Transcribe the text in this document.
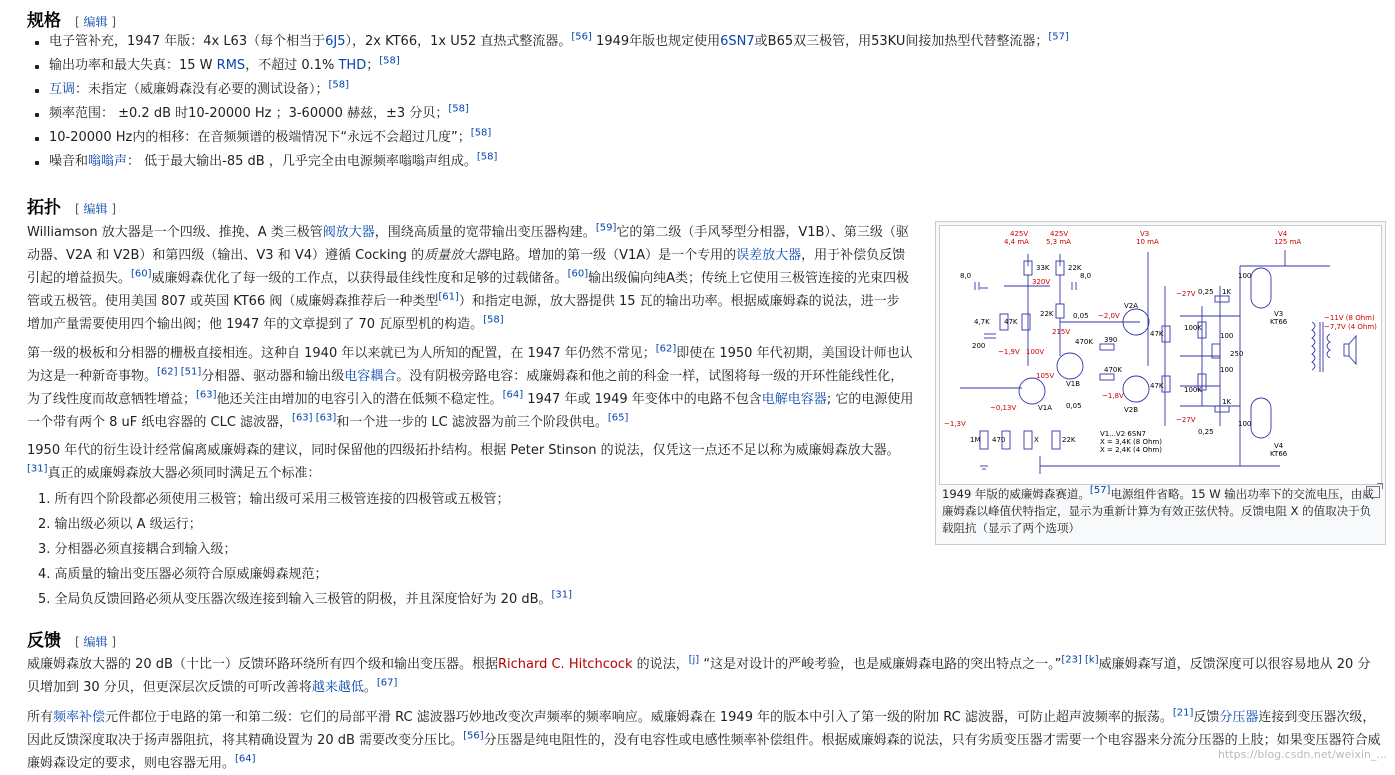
规格 [ 编辑 ]
电子管补充，1947 年版：4x L63（每个相当于6J5），2x KT66，1x U52 直热式整流器。[56] 1949年版也规定使用6SN7或B65双三极管，用53KU间接加热型代替整流器；[57]
输出功率和最大失真：15 W RMS，不超过 0.1% THD；[58]
互调：未指定（威廉姆森没有必要的测试设备）；[58]
频率范围： ±0.2 dB 时10-20000 Hz ；3-60000 赫兹，±3 分贝；[58]
10-20000 Hz内的相移：在音频频谱的极端情况下“永远不会超过几度”；[58]
噪音和嗡嗡声： 低于最大输出-85 dB ，几乎完全由电源频率嗡嗡声组成。[58]
拓扑 [ 编辑 ]
Williamson 放大器是一个四级、推挽、A 类三极管阀放大器，围绕高质量的宽带输出变压器构建。[59]它的第二级（手风琴型分相器，V1B）、第三级（驱动器、V2A 和 V2B）和第四级（输出、V3 和 V4）遵循 Cocking 的质量放大器电路。增加的第一级（V1A）是一个专用的误差放大器，用于补偿负反馈引起的增益损失。[60]威廉姆森优化了每一级的工作点，以获得最佳线性度和足够的过载储备。[60]输出级偏向纯A类；传统上它使用三极管连接的光束四极管或五极管。使用美国 807 或英国 KT66 阀（威廉姆森推荐后一种类型[61]）和指定电源，放大器提供 15 瓦的输出功率。根据威廉姆森的说法，进一步增加产量需要使用四个输出阀；他 1947 年的文章提到了 70 瓦原型机的构造。[58]
第一级的极板和分相器的栅极直接相连。这种自 1940 年以来就已为人所知的配置，在 1947 年仍然不常见；[62]即使在 1950 年代初期，美国设计师也认为这是一种新奇事物。[62] [51]分相器、驱动器和输出级电容耦合。没有阴极旁路电容：威廉姆森和他之前的科金一样，试图将每一级的开环性能线性化，为了线性度而故意牺牲增益；[63]他还关注由增加的电容引入的潜在低频不稳定性。[64] 1947 年或 1949 年变体中的电路不包含电解电容器; 它的电源使用一个带有两个 8 uF 纸电容器的 CLC 滤波器，[63] [63]和一个进一步的 LC 滤波器为前三个阶段供电。[65]
1950 年代的衍生设计经常偏离威廉姆森的建议，同时保留他的四级拓扑结构。根据 Peter Stinson 的说法，仅凭这一点还不足以称为威廉姆森放大器。[31]真正的威廉姆森放大器必须同时满足五个标准：
1. 所有四个阶段都必须使用三极管；输出级可采用三极管连接的四极管或五极管；
2. 输出级必须以 A 级运行；
3. 分相器必须直接耦合到输入级；
4. 高质量的输出变压器必须符合原威廉姆森规范；
5. 全局负反馈回路必须从变压器次级连接到输入三极管的阴极，并且深度恰好为 20 dB。[31]
425V
4,4 mA
425V
5,3 mA
V3
10 mA
V4
125 mA
320V
~2,0V
~1,9V 100V
215V
105V
~27V
~27V
~11V (8 Ohm)
~7,7V (4 Ohm)
~0,13V
~1,8V
~1,3V
33K	22K
8,0	8,0
4,7K 47K
22K	0,05
V2A
470K 390
470K
200
V1B
47K
47K
0,25 1K
100
V3
KT66
100K
100
250
100
100K
0,25
1K
100
V4
KT66
V1A 0,05	V2B
1M 470	X	22K
V1...V2 6SN7
X = 3,4K (8 Ohm)
X = 2,4K (4 Ohm)
1949 年版的威廉姆森赛道。[57]电源组件省略。15 W 输出功率下的交流电压，由威廉姆森以峰值伏特指定，显示为重新计算为有效正弦伏特。反馈电阻 X 的值取决于负载阻抗（显示了两个选项）
反馈 [ 编辑 ]
威廉姆森放大器的 20 dB（十比一）反馈环路环绕所有四个级和输出变压器。根据Richard C. Hitchcock 的说法，[j] “这是对设计的严峻考验，也是威廉姆森电路的突出特点之一。”[23] [k]威廉姆森写道，反馈深度可以很容易地从 20 分贝增加到 30 分贝，但更深层次反馈的可听改善将越来越低。[67]
所有频率补偿元件都位于电路的第一和第二级：它们的局部平滑 RC 滤波器巧妙地改变次声频率的频率响应。威廉姆森在 1949 年的版本中引入了第一级的附加 RC 滤波器，可防止超声波频率的振荡。[21]反馈分压器连接到变压器次级，因此反馈深度取决于扬声器阻抗，将其精确设置为 20 dB 需要改变分压比。[56]分压器是纯电阻性的，没有电容性或电感性频率补偿组件。根据威廉姆森的说法，只有劣质变压器才需要一个电容器来分流分压器的上肢；如果变压器符合威廉姆森设定的要求，则电容器无用。[64]	https://blog.csdn.net/weixin_...
